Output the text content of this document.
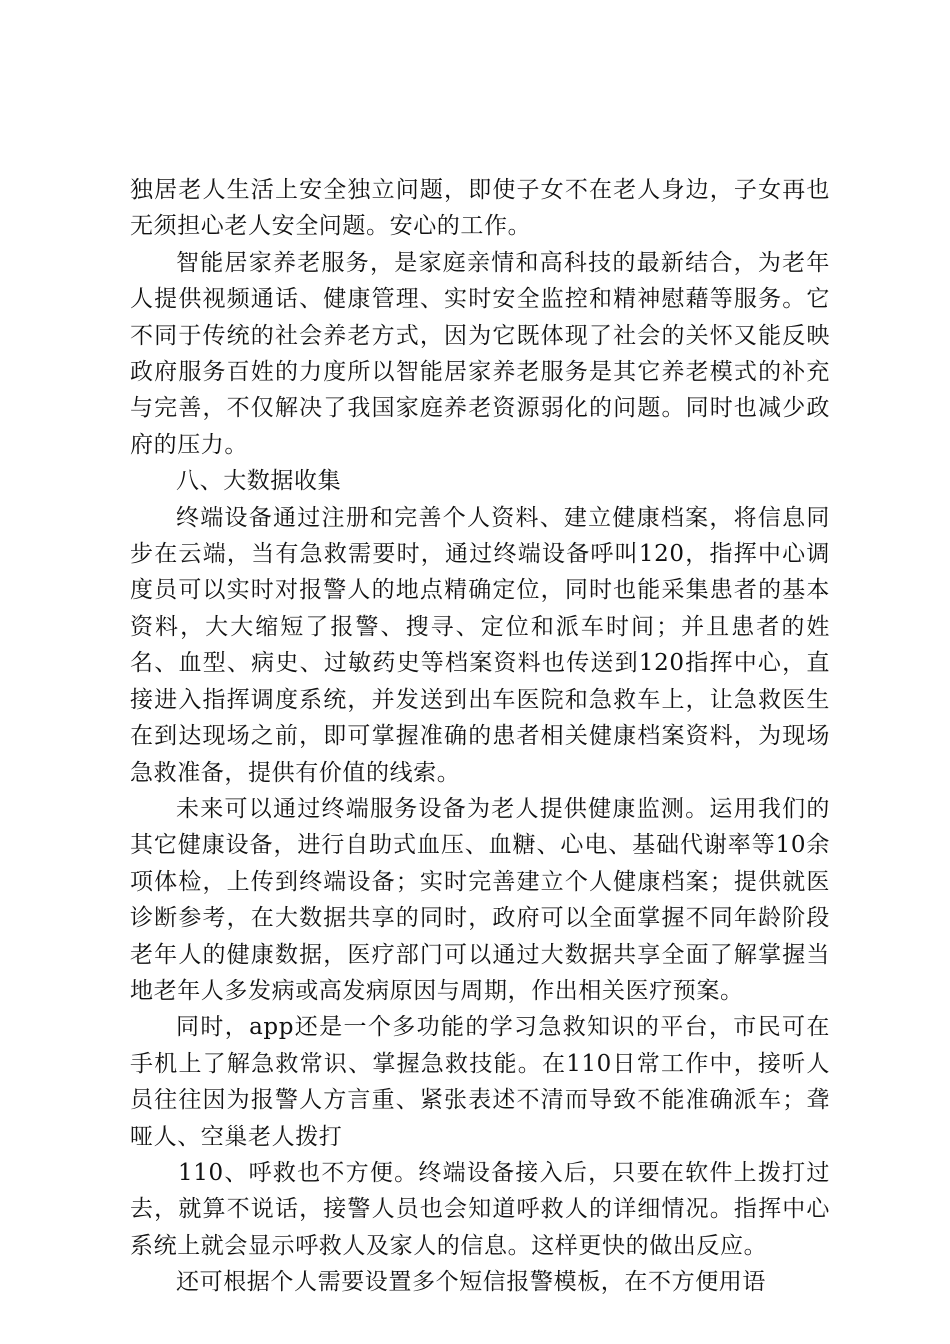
独居老人生活上安全独立问题，即使子女不在老人身边，子女再也无须担心老人安全问题。安心的工作。

智能居家养老服务，是家庭亲情和高科技的最新结合，为老年人提供视频通话、健康管理、实时安全监控和精神慰藉等服务。它不同于传统的社会养老方式，因为它既体现了社会的关怀又能反映政府服务百姓的力度所以智能居家养老服务是其它养老模式的补充与完善，不仅解决了我国家庭养老资源弱化的问题。同时也减少政府的压力。

八、大数据收集

终端设备通过注册和完善个人资料、建立健康档案，将信息同步在云端，当有急救需要时，通过终端设备呼叫120，指挥中心调度员可以实时对报警人的地点精确定位，同时也能采集患者的基本资料，大大缩短了报警、搜寻、定位和派车时间；并且患者的姓名、血型、病史、过敏药史等档案资料也传送到120指挥中心，直接进入指挥调度系统，并发送到出车医院和急救车上，让急救医生在到达现场之前，即可掌握准确的患者相关健康档案资料，为现场急救准备，提供有价值的线索。

未来可以通过终端服务设备为老人提供健康监测。运用我们的其它健康设备，进行自助式血压、血糖、心电、基础代谢率等10余项体检，上传到终端设备；实时完善建立个人健康档案；提供就医诊断参考，在大数据共享的同时，政府可以全面掌握不同年龄阶段老年人的健康数据，医疗部门可以通过大数据共享全面了解掌握当地老年人多发病或高发病原因与周期，作出相关医疗预案。

同时，app还是一个多功能的学习急救知识的平台，市民可在手机上了解急救常识、掌握急救技能。在110日常工作中，接听人员往往因为报警人方言重、紧张表述不清而导致不能准确派车；聋哑人、空巢老人拨打

110、呼救也不方便。终端设备接入后，只要在软件上拨打过去，就算不说话，接警人员也会知道呼救人的详细情况。指挥中心系统上就会显示呼救人及家人的信息。这样更快的做出反应。

还可根据个人需要设置多个短信报警模板，在不方便用语
